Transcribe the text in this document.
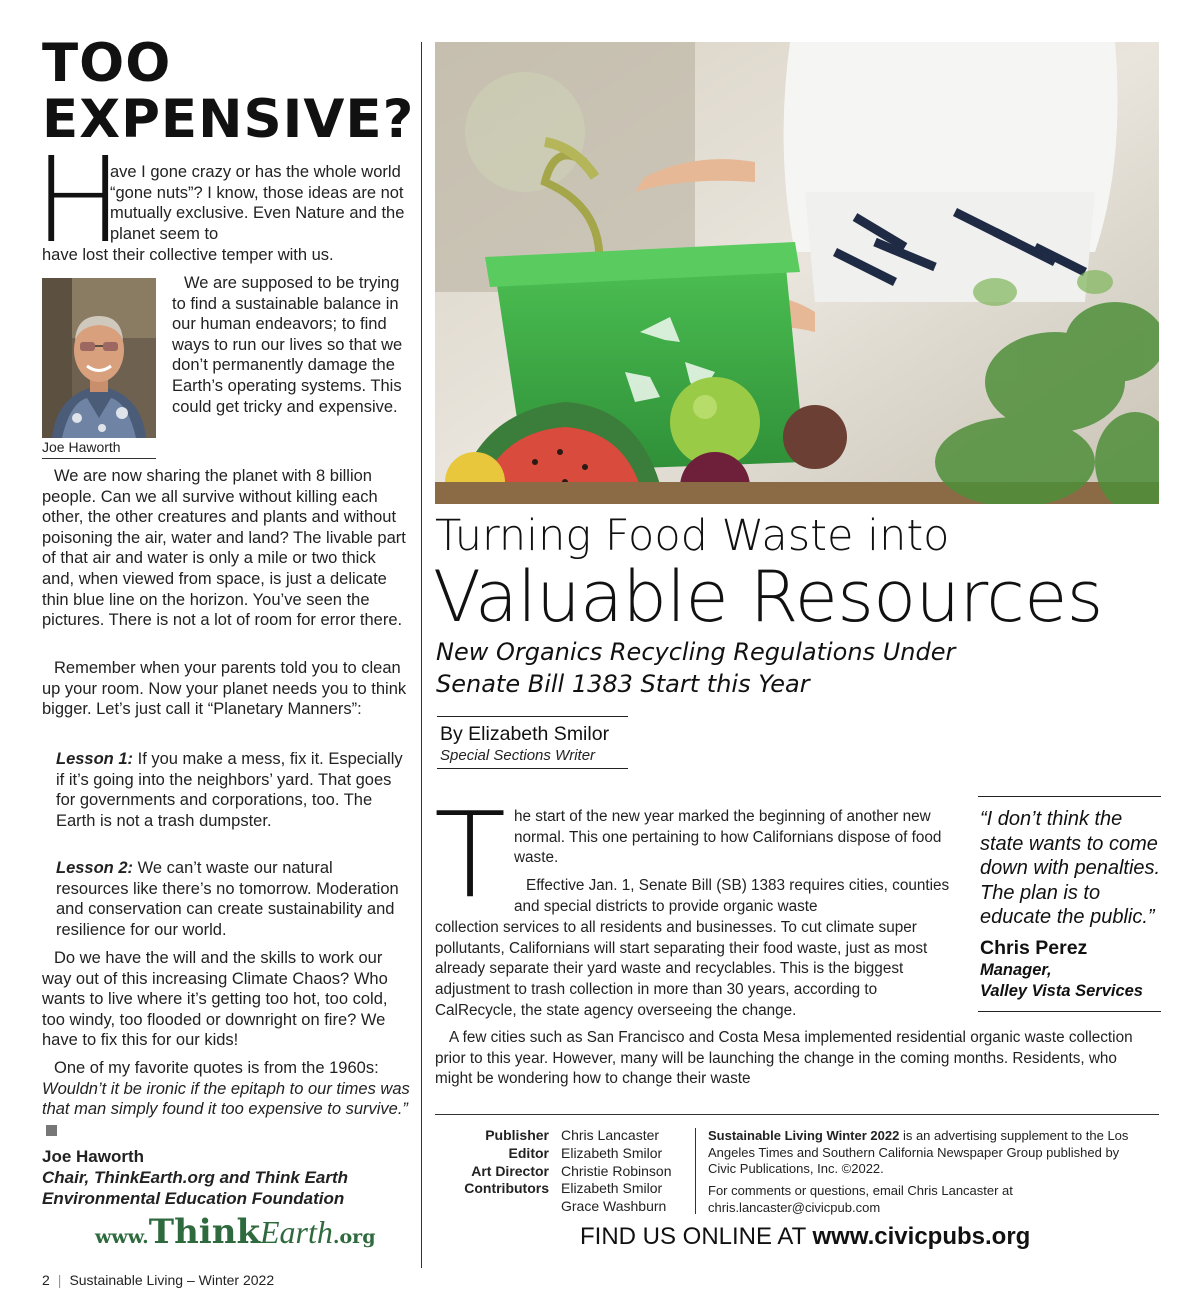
TOO EXPENSIVE?
H

ave I gone crazy or has the whole world “gone nuts”? I know, those ideas are not mutually exclusive. Even Nature and the planet seem to

have lost their collective temper with us.

Joe Haworth

We are supposed to be trying to find a sustainable balance in our human endeavors; to find ways to run our lives so that we don’t permanently damage the Earth’s operating systems. This could get tricky and expensive.

We are now sharing the planet with 8 billion people. Can we all survive without killing each other, the other creatures and plants and without poisoning the air, water and land? The livable part of that air and water is only a mile or two thick and, when viewed from space, is just a delicate thin blue line on the horizon. You’ve seen the pictures. There is not a lot of room for error there.

Remember when your parents told you to clean up your room. Now your planet needs you to think bigger. Let’s just call it “Planetary Manners”:

Lesson 1: If you make a mess, fix it. Especially if it’s going into the neighbors’ yard. That goes for governments and corporations, too. The Earth is not a trash dumpster.

Lesson 2: We can’t waste our natural resources like there’s no tomorrow. Moderation and conservation can create sustainability and resilience for our world.

Do we have the will and the skills to work our way out of this increasing Climate Chaos? Who wants to live where it’s getting too hot, too cold, too windy, too flooded or downright on fire? We have to fix this for our kids!

One of my favorite quotes is from the 1960s: Wouldn’t it be ironic if the epitaph to our times was that man simply found it too expensive to survive.”

Joe Haworth
Chair, ThinkEarth.org and Think Earth
Environmental Education Foundation
www.ThinkEarth.org
Turning Food Waste into
Valuable Resources
New Organics Recycling Regulations Under
Senate Bill 1383 Start this Year
By Elizabeth Smilor
Special Sections Writer
T he start of the new year marked the beginning of another new normal. This one pertaining to how Californians dispose of food waste.

Effective Jan. 1, Senate Bill (SB) 1383 requires cities, counties and special districts to provide organic waste

collection services to all residents and businesses. To cut climate super pollutants, Californians will start separating their food waste, just as most already separate their yard waste and recyclables. This is the biggest adjustment to trash collection in more than 30 years, according to CalRecycle, the state agency overseeing the change.

A few cities such as San Francisco and Costa Mesa implemented residential organic waste collection prior to this year. However, many will be launching the change in the coming months. Residents, who might be wondering how to change their waste

“I don’t think the state wants to come down with penalties. The plan is to educate the public.”
Chris Perez
Manager,
Valley Vista Services
Publisher Chris Lancaster
Editor Elizabeth Smilor
Art Director Christie Robinson
Contributors Elizabeth Smilor
Grace Washburn
Sustainable Living Winter 2022 is an advertising supplement to the Los Angeles Times and Southern California Newspaper Group published by Civic Publications, Inc. ©2022.
For comments or questions, email Chris Lancaster at chris.lancaster@civicpub.com
FIND US ONLINE AT www.civicpubs.org
2 | Sustainable Living – Winter 2022
